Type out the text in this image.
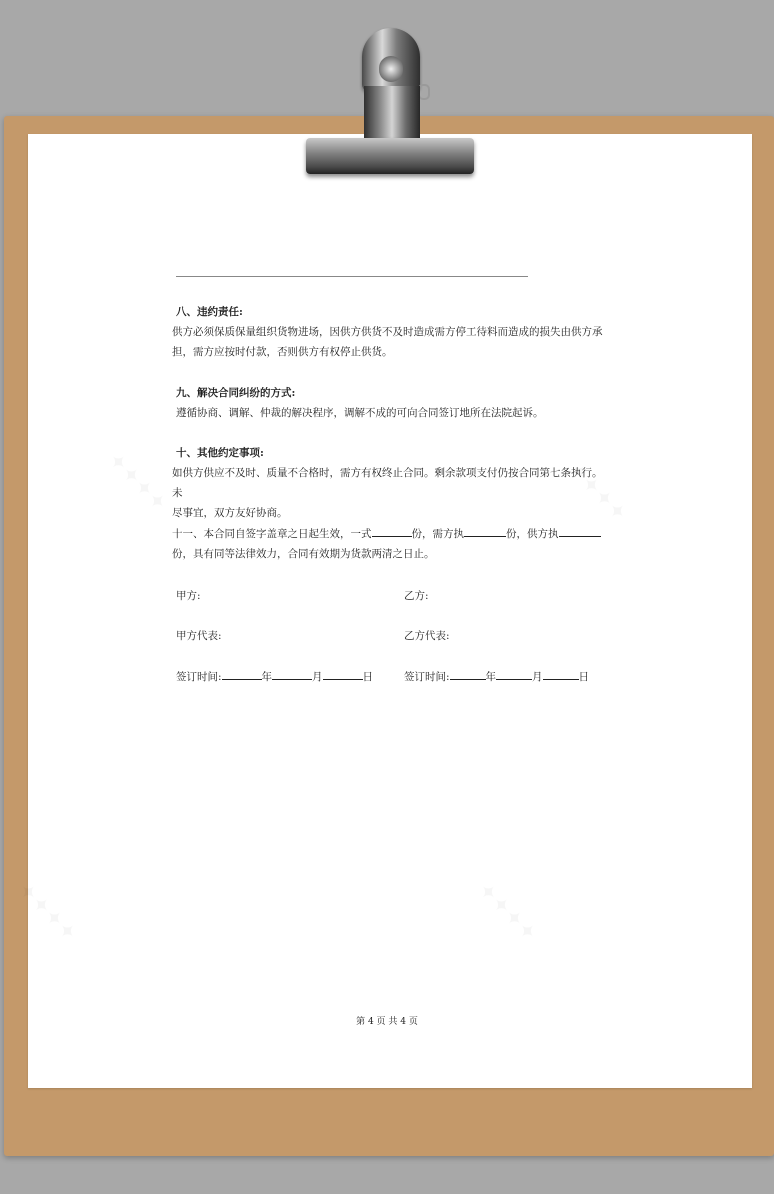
八、违约责任:
供方必须保质保量组织货物进场，因供方供货不及时造成需方停工待料而造成的损失由供方承
担，需方应按时付款，否则供方有权停止供货。
九、解决合同纠纷的方式:
遵循协商、调解、仲裁的解决程序，调解不成的可向合同签订地所在法院起诉。
十、其他约定事项:
如供方供应不及时、质量不合格时，需方有权终止合同。剩余款项支付仍按合同第七条执行。未
尽事宜，双方友好协商。
十一、本合同自签字盖章之日起生效，一式	份，需方执	份，供方执
份，具有同等法律效力，合同有效期为货款两清之日止。
甲方:	乙方:
甲方代表:	乙方代表:
签订时间:	年	月	日	签订时间:	年	月	日
第 4 页 共 4 页
